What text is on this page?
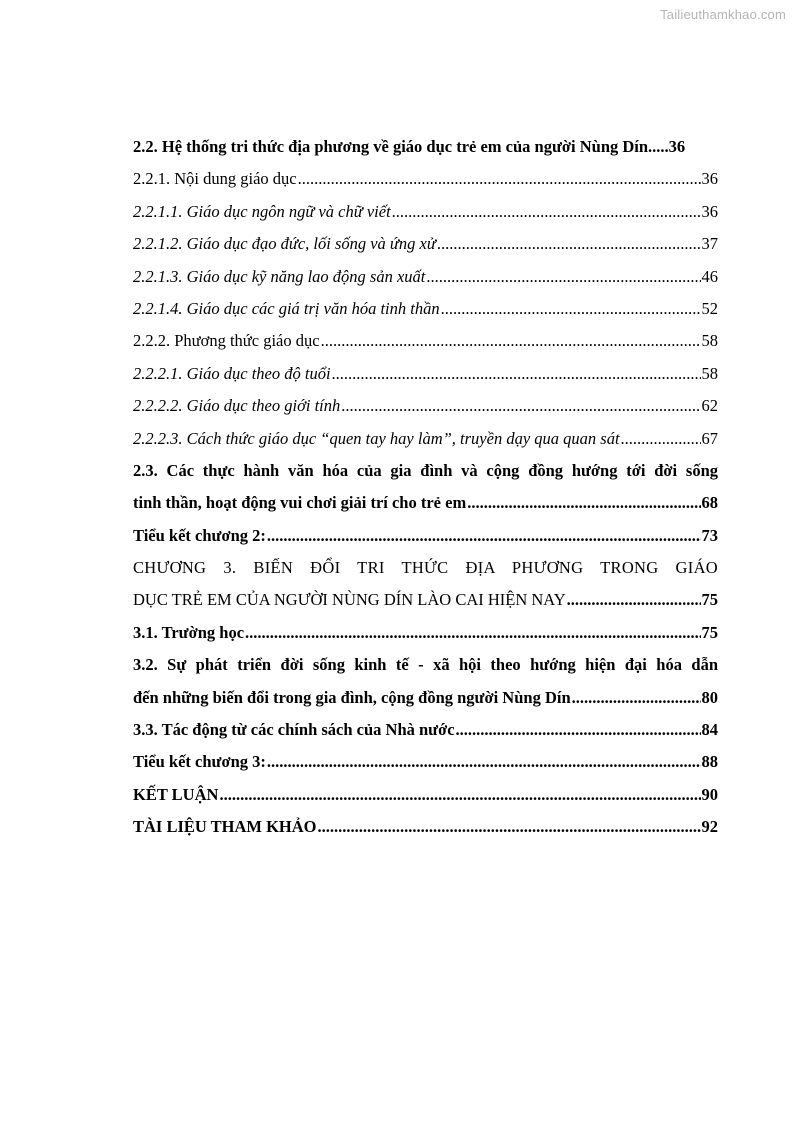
Tailieuthamkhao.com
2.2. Hệ thống tri thức địa phương về giáo dục trẻ em của người Nùng Dín ..... 36
2.2.1. Nội dung giáo dục .....	36
2.2.1.1. Giáo dục ngôn ngữ và chữ viết .....	36
2.2.1.2. Giáo dục đạo đức, lối sống và ứng xử .....	37
2.2.1.3. Giáo dục kỹ năng lao động sản xuất .....	46
2.2.1.4. Giáo dục các giá trị văn hóa tinh thần .....	52
2.2.2. Phương thức giáo dục .....	58
2.2.2.1. Giáo dục theo độ tuổi .....	58
2.2.2.2. Giáo dục theo giới tính .....	62
2.2.2.3. Cách thức giáo dục “quen tay hay làm”, truyền dạy qua quan sát .....	67
2.3. Các thực hành văn hóa của gia đình và cộng đồng hướng tới đời sống
tinh thần, hoạt động vui chơi giải trí cho trẻ em .....	68
Tiểu kết chương 2: .....	73
CHƯƠNG 3. BIẾN ĐỔI TRI THỨC ĐỊA PHƯƠNG TRONG GIÁO
DỤC TRẺ EM CỦA NGƯỜI NÙNG DÍN LÀO CAI HIỆN NAY .....	75
3.1. Trường học .....	75
3.2. Sự phát triển đời sống kinh tế - xã hội theo hướng hiện đại hóa dẫn
đến những biến đổi trong gia đình, cộng đồng người Nùng Dín .....	80
3.3. Tác động từ các chính sách của Nhà nước .....	84
Tiểu kết chương 3: .....	88
KẾT LUẬN .....	90
TÀI LIỆU THAM KHẢO .....	92
